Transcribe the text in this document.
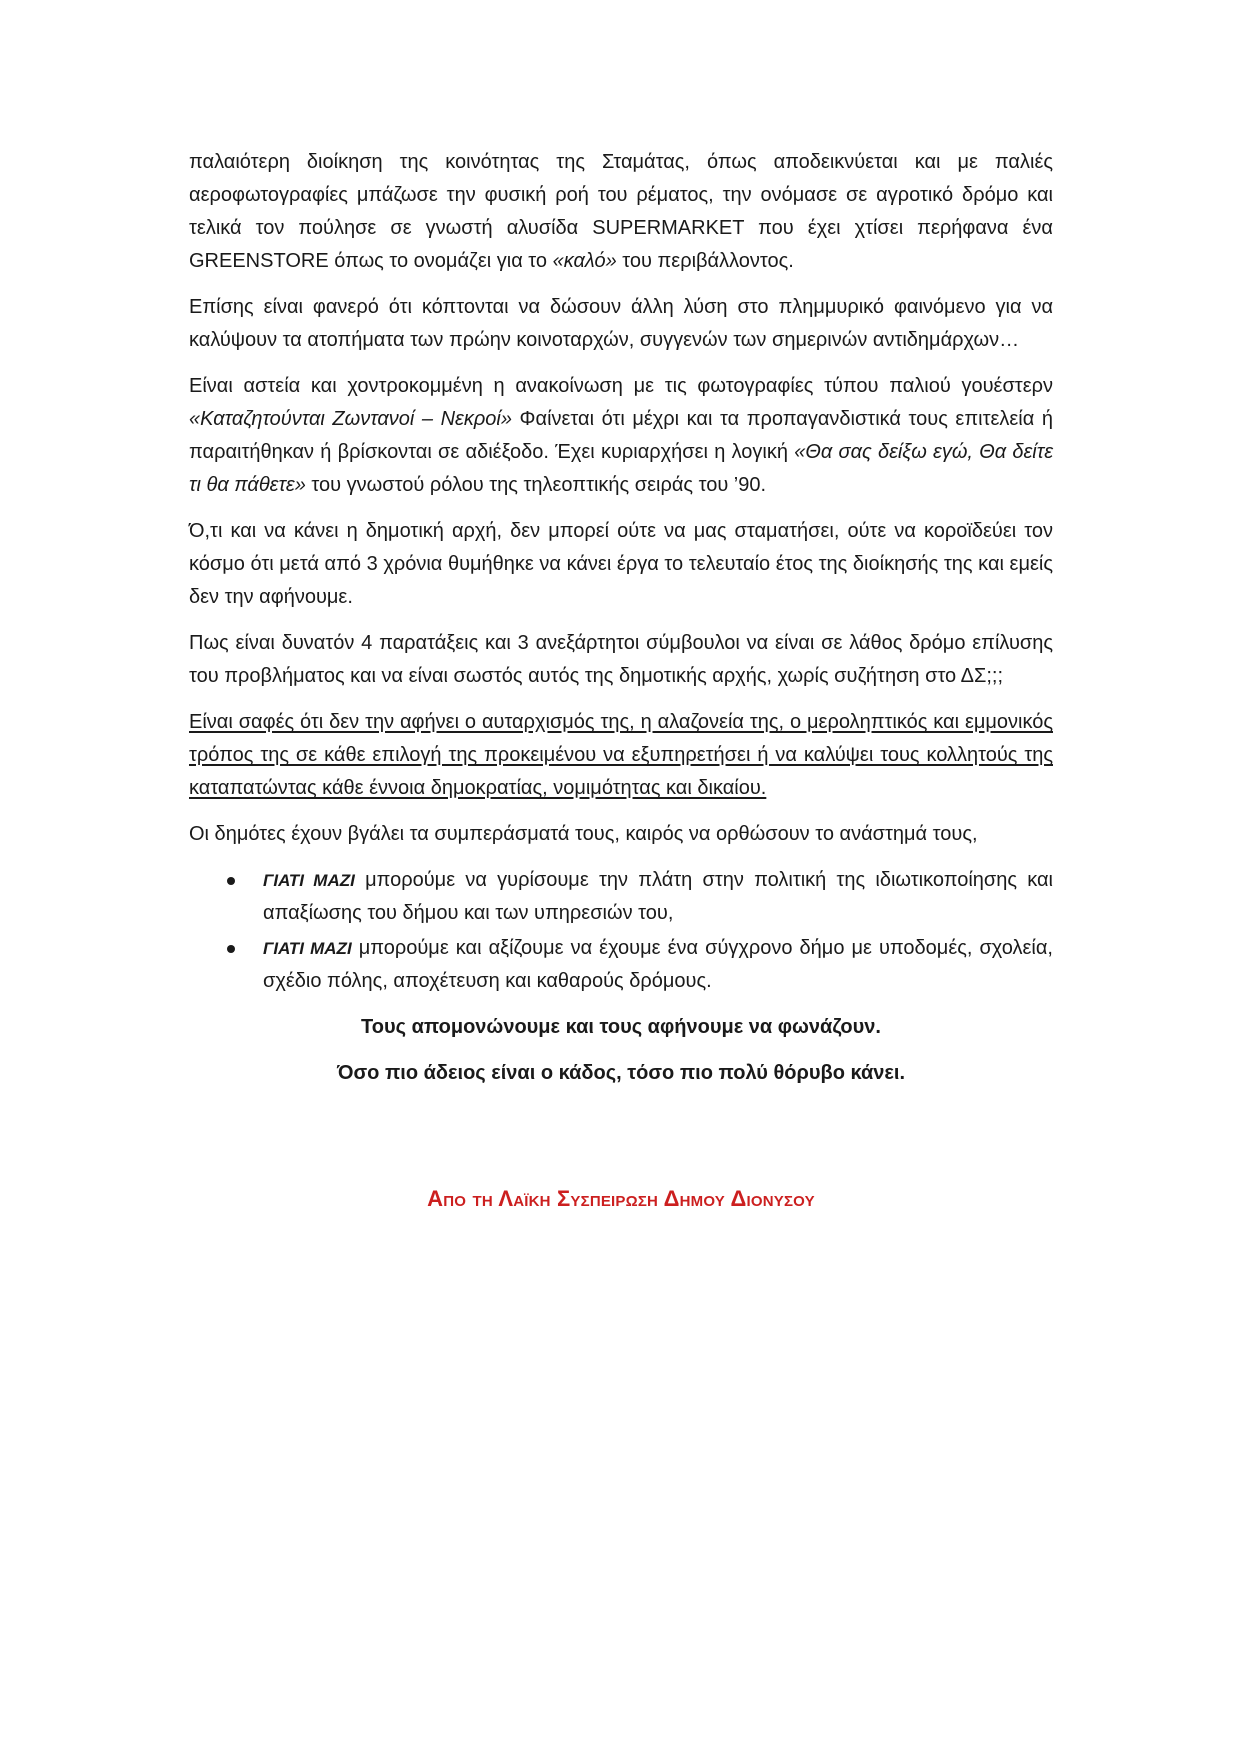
παλαιότερη διοίκηση της κοινότητας της Σταμάτας, όπως αποδεικνύεται και με παλιές αεροφωτογραφίες μπάζωσε την φυσική ροή του ρέματος, την ονόμασε σε αγροτικό δρόμο και τελικά τον πούλησε σε γνωστή αλυσίδα SUPERMARKET που έχει χτίσει περήφανα ένα GREENSTORE όπως το ονομάζει για το «καλό» του περιβάλλοντος.

Επίσης είναι φανερό ότι κόπτονται να δώσουν άλλη λύση στο πλημμυρικό φαινόμενο για να καλύψουν τα ατοπήματα των πρώην κοινοταρχών, συγγενών των σημερινών αντιδημάρχων…

Είναι αστεία και χοντροκομμένη η ανακοίνωση με τις φωτογραφίες τύπου παλιού γουέστερν «Καταζητούνται Ζωντανοί – Νεκροί» Φαίνεται ότι μέχρι και τα προπαγανδιστικά τους επιτελεία ή παραιτήθηκαν ή βρίσκονται σε αδιέξοδο. Έχει κυριαρχήσει η λογική «Θα σας δείξω εγώ, Θα δείτε τι θα πάθετε» του γνωστού ρόλου της τηλεοπτικής σειράς του ’90.

Ό,τι και να κάνει η δημοτική αρχή, δεν μπορεί ούτε να μας σταματήσει, ούτε να κοροϊδεύει τον κόσμο ότι μετά από 3 χρόνια θυμήθηκε να κάνει έργα το τελευταίο έτος της διοίκησής της και εμείς δεν την αφήνουμε.

Πως είναι δυνατόν 4 παρατάξεις και 3 ανεξάρτητοι σύμβουλοι να είναι σε λάθος δρόμο επίλυσης του προβλήματος και να είναι σωστός αυτός της δημοτικής αρχής, χωρίς συζήτηση στο ΔΣ;;;

Είναι σαφές ότι δεν την αφήνει ο αυταρχισμός της, η αλαζονεία της, ο μεροληπτικός και εμμονικός τρόπος της σε κάθε επιλογή της προκειμένου να εξυπηρετήσει ή να καλύψει τους κολλητούς της καταπατώντας κάθε έννοια δημοκρατίας, νομιμότητας και δικαίου.

Οι δημότες έχουν βγάλει τα συμπεράσματά τους, καιρός να ορθώσουν το ανάστημά τους,

ΓΙΑΤΙ ΜΑΖΙ μπορούμε να γυρίσουμε την πλάτη στην πολιτική της ιδιωτικοποίησης και απαξίωσης του δήμου και των υπηρεσιών του,
ΓΙΑΤΙ ΜΑΖΙ μπορούμε και αξίζουμε να έχουμε ένα σύγχρονο δήμο με υποδομές, σχολεία, σχέδιο πόλης, αποχέτευση και καθαρούς δρόμους.

Τους απομονώνουμε και τους αφήνουμε να φωνάζουν.

Όσο πιο άδειος είναι ο κάδος, τόσο πιο πολύ θόρυβο κάνει.

Απο τη Λαϊκη Συσπειρωση Δημου Διονυσου
